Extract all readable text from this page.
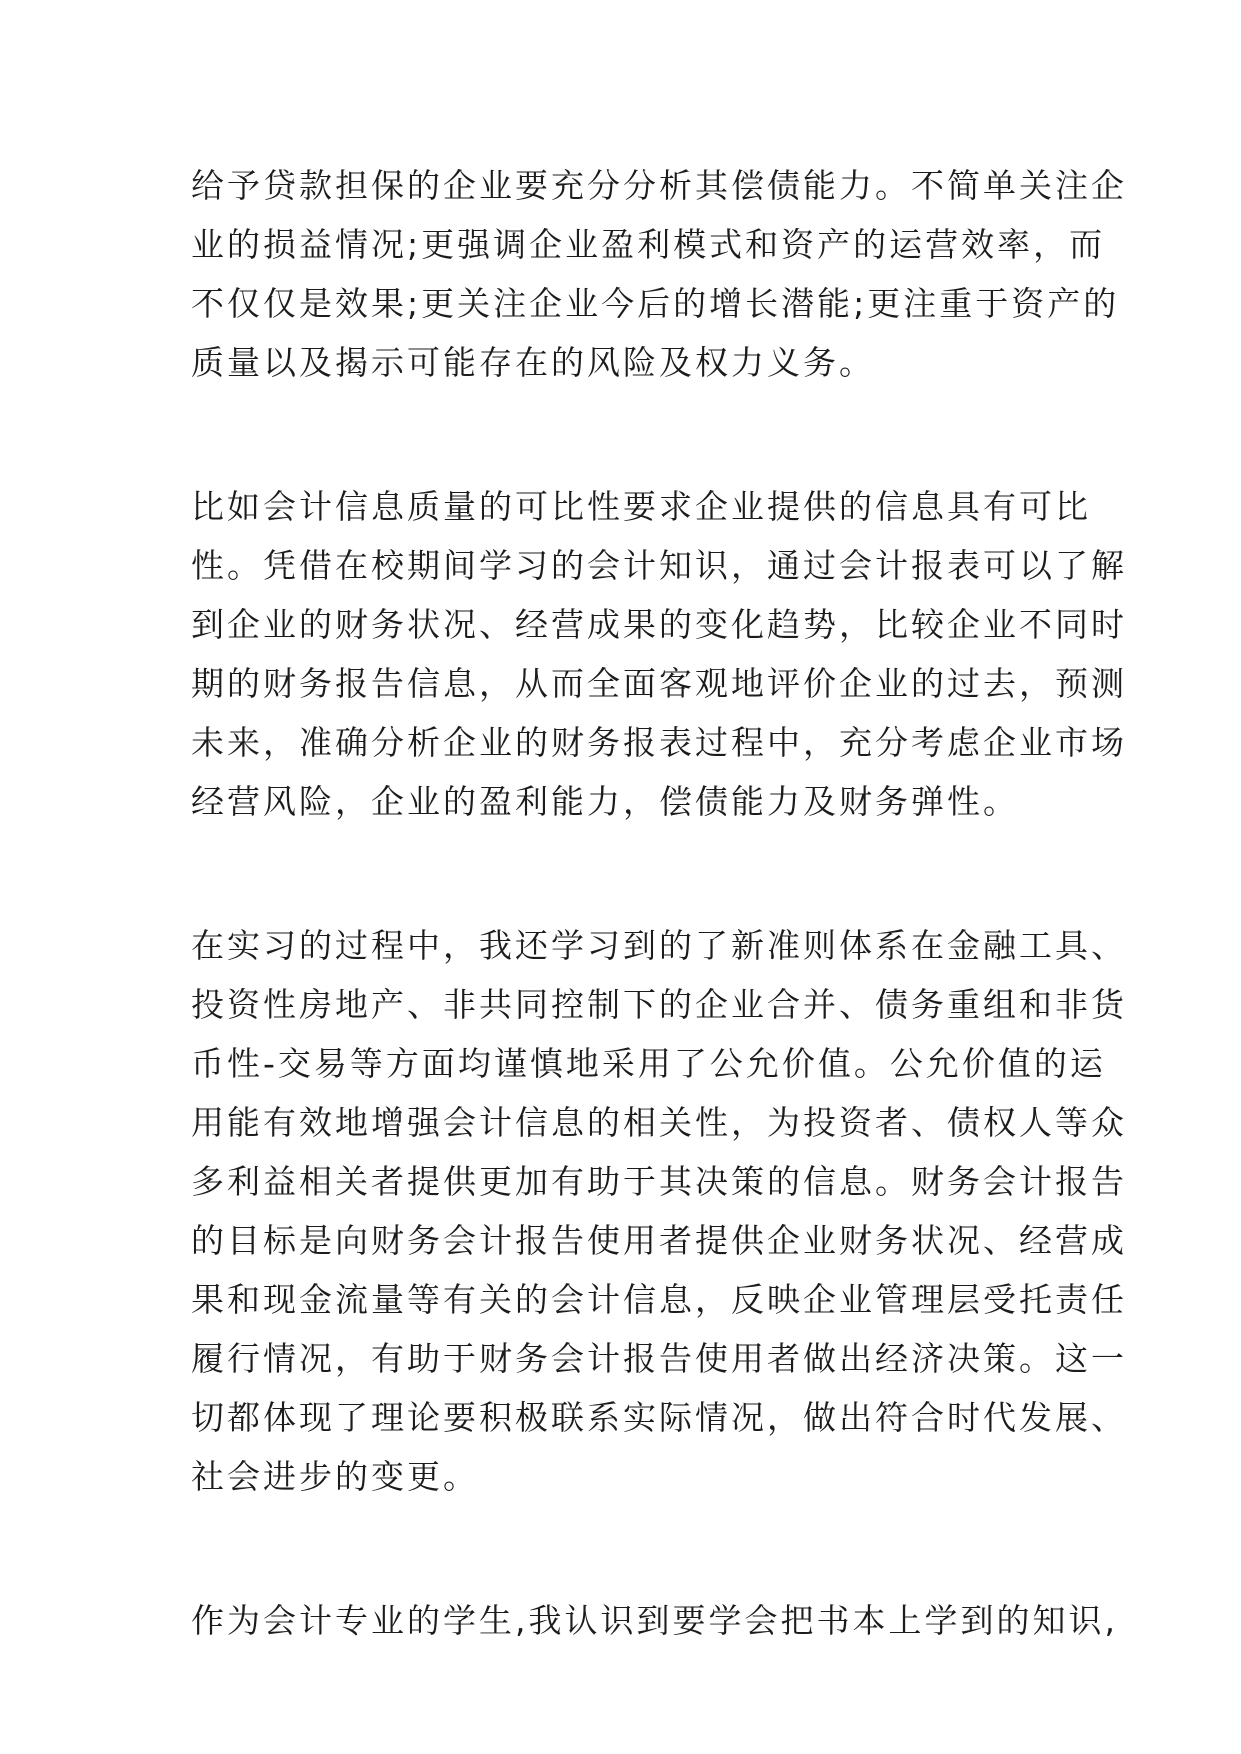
给予贷款担保的企业要充分分析其偿债能力。不简单关注企
业的损益情况;更强调企业盈利模式和资产的运营效率，而
不仅仅是效果;更关注企业今后的增长潜能;更注重于资产的
质量以及揭示可能存在的风险及权力义务。
比如会计信息质量的可比性要求企业提供的信息具有可比
性。凭借在校期间学习的会计知识，通过会计报表可以了解
到企业的财务状况、经营成果的变化趋势，比较企业不同时
期的财务报告信息，从而全面客观地评价企业的过去，预测
未来，准确分析企业的财务报表过程中，充分考虑企业市场
经营风险，企业的盈利能力，偿债能力及财务弹性。
在实习的过程中，我还学习到的了新准则体系在金融工具、
投资性房地产、非共同控制下的企业合并、债务重组和非货
币性-交易等方面均谨慎地采用了公允价值。公允价值的运
用能有效地增强会计信息的相关性，为投资者、债权人等众
多利益相关者提供更加有助于其决策的信息。财务会计报告
的目标是向财务会计报告使用者提供企业财务状况、经营成
果和现金流量等有关的会计信息，反映企业管理层受托责任
履行情况，有助于财务会计报告使用者做出经济决策。这一
切都体现了理论要积极联系实际情况，做出符合时代发展、
社会进步的变更。
作为会计专业的学生,我认识到要学会把书本上学到的知识,
